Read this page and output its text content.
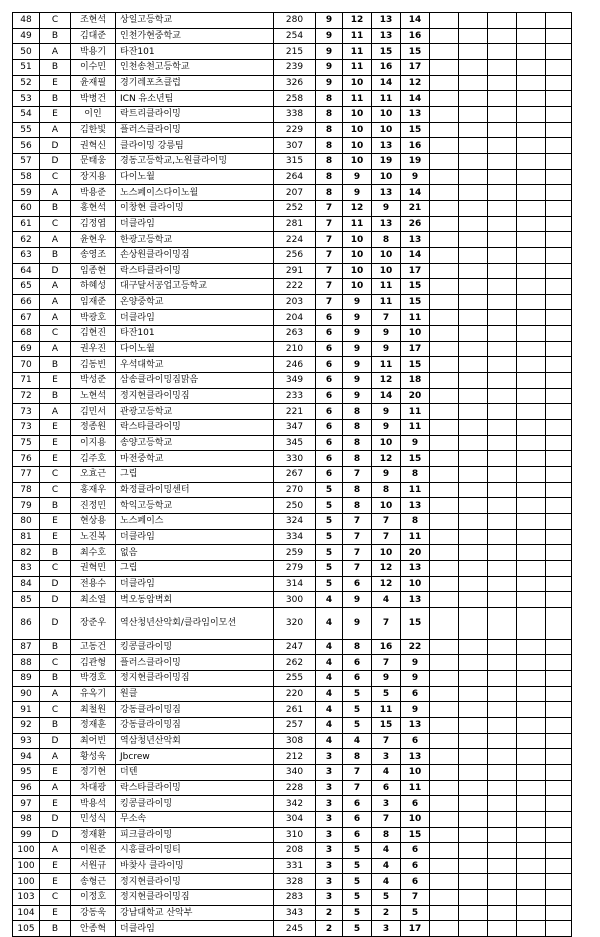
48	C	조현석	상일고등학교	280	9	12	13	14					
49	B	김대준	인천가현중학교	254	9	11	13	16					
50	A	박용기	타잔101	215	9	11	15	15					
51	B	이수민	인천송천고등학교	239	9	11	16	17					
52	E	윤재필	경기레포츠클럽	326	9	10	14	12					
53	B	박병건	ICN 유소년팀	258	8	11	11	14					
54	E	이인	락트리클라이밍	338	8	10	10	13					
55	A	김한빛	플러스클라이밍	229	8	10	10	15					
56	D	권혁신	클라이밍 강릉팀	307	8	10	13	16					
57	D	문태웅	경동고등학교,노원클라이밍	315	8	10	19	19					
58	C	장지용	다이노월	264	8	9	10	9					
59	A	박용준	노스페이스다이노월	207	8	9	13	14					
60	B	홍현석	이창현 클라이밍	252	7	12	9	21					
61	C	김정엽	더클라임	281	7	11	13	26					
62	A	윤현우	한광고등학교	224	7	10	8	13					
63	B	송영조	손상원클라이밍짐	256	7	10	10	14					
64	D	임종현	락스타클라이밍	291	7	10	10	17					
65	A	하혜성	대구달서공업고등학교	222	7	10	11	15					
66	A	임재준	온양중학교	203	7	9	11	15					
67	A	박광호	더클라임	204	6	9	7	11					
68	C	김현진	타잔101	263	6	9	9	10					
69	A	권우진	다이노월	210	6	9	9	17					
70	B	김동빈	우석대학교	246	6	9	11	15					
71	E	박성준	삼송클라이밍짐맑음	349	6	9	12	18					
72	B	노현석	정지현클라이밍짐	233	6	9	14	20					
73	A	김민서	관광고등학교	221	6	8	9	11					
73	E	정종원	락스타클라이밍	347	6	8	9	11					
75	E	이지용	송양고등학교	345	6	8	10	9					
76	E	김주호	마전중학교	330	6	8	12	15					
77	C	오효근	그립	267	6	7	9	8					
78	C	홍재우	화정클라이밍센터	270	5	8	8	11					
79	B	진정민	학익고등학교	250	5	8	10	13					
80	E	현상용	노스페이스	324	5	7	7	8					
81	E	노진복	더클라임	334	5	7	7	11					
82	B	최수호	없음	259	5	7	10	20					
83	C	권혁민	그립	279	5	7	12	13					
84	D	전용수	더클라임	314	5	6	12	10					
85	D	최소열	벽오동암벽회	300	4	9	4	13					
86	D	장준우	역산청년산악회/클라임이모션	320	4	9	7	15					
87	B	고동건	킹콩클라이밍	247	4	8	16	22					
88	C	김관형	플러스클라이밍	262	4	6	7	9					
89	B	박경호	정지현클라이밍짐	255	4	6	9	9					
90	A	유옥기	원클	220	4	5	5	6					
91	C	최철원	강동클라이밍짐	261	4	5	11	9					
92	B	정재훈	강동클라이밍짐	257	4	5	15	13					
93	D	최어빈	역삼청년산악회	308	4	4	7	6					
94	A	황성욱	Jbcrew	212	3	8	3	13					
95	E	정기현	더텐	340	3	7	4	10					
96	A	차대광	락스타클라이밍	228	3	7	6	11					
97	E	박용석	킹콩클라이밍	342	3	6	3	6					
98	D	민성식	무소속	304	3	6	7	10					
99	D	정재환	피크클라이밍	310	3	6	8	15					
100	A	이원준	시흥클라이밍티	208	3	5	4	6					
100	E	서원규	바찾사 클라이밍	331	3	5	4	6					
100	E	송형근	정지현클라이밍	328	3	5	4	6					
103	C	이정호	정지현클라이밍짐	283	3	5	5	7					
104	E	강동욱	강남대학교 산악부	343	2	5	2	5					
105	B	안종혁	더클라임	245	2	5	3	17					
